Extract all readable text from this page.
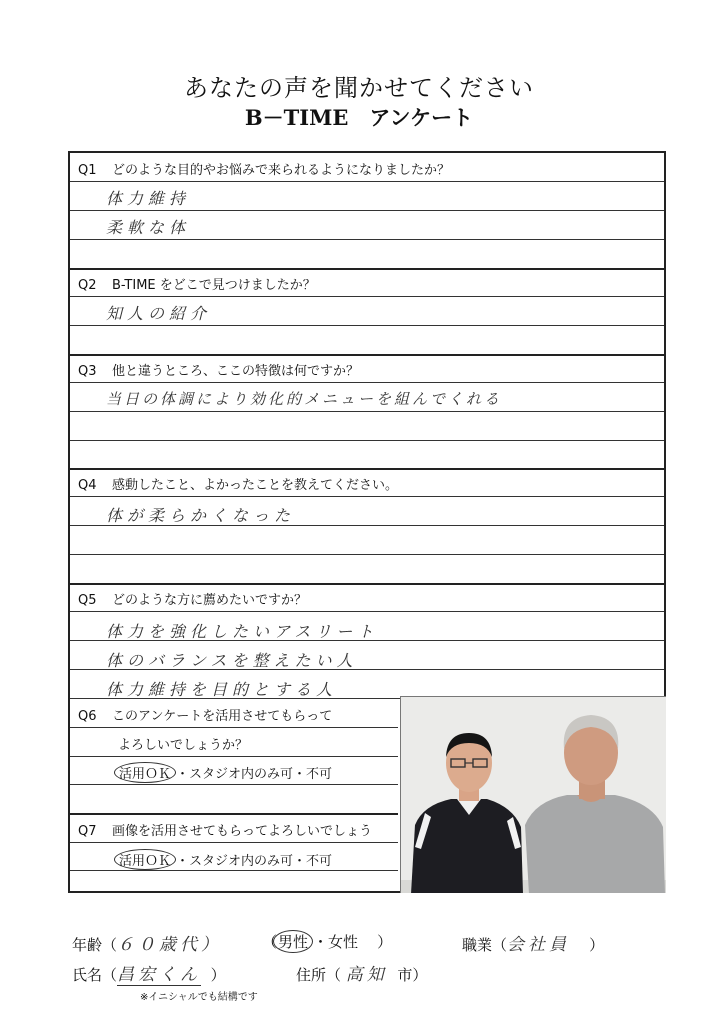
あなたの声を聞かせてください
B－TIME　アンケート
Q1 どのような目的やお悩みで来られるようになりましたか？
体力維持
柔軟な体
Q2 B-TIME をどこで見つけましたか？
知人の紹介
Q3 他と違うところ、ここの特徴は何ですか？
当日の体調により効化的メニューを組んでくれる
Q4 感動したこと、よかったことを教えてください。
体が柔らかくなった
Q5 どのような方に薦めたいですか？
体力を強化したいアスリート
体のバランスを整えたい人
体力維持を目的とする人
Q6 このアンケートを活用させてもらって
よろしいでしょうか？
活用ＯＫ ・スタジオ内のみ可・不可
Q7 画像を活用させてもらってよろしいでしょう
活用ＯＫ ・スタジオ内のみ可・不可
年齢（６０歳代）	（男性 ・女性 ）	職業（会社員 ）
氏名（昌宏くん ）	住所（ 高知 市）
※イニシャルでも結構です
